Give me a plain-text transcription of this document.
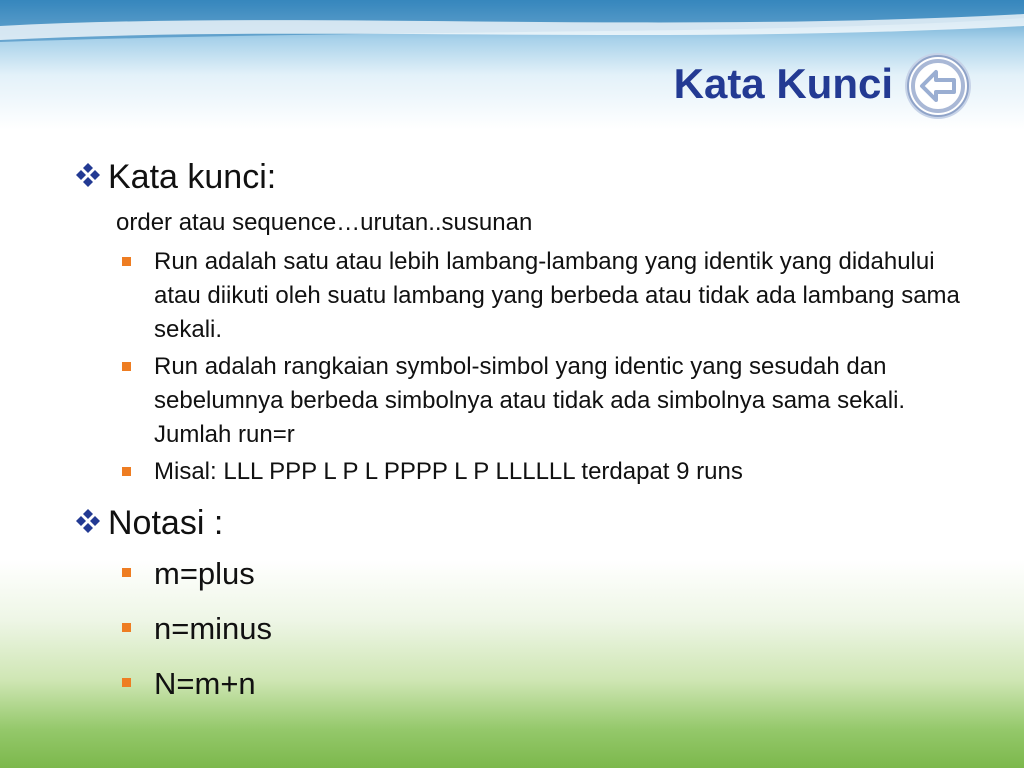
Kata Kunci
Kata kunci:
order atau sequence…urutan..susunan
Run adalah satu atau lebih lambang-lambang yang identik yang didahului atau diikuti oleh suatu lambang yang berbeda atau tidak ada lambang sama sekali.
Run adalah rangkaian symbol-simbol yang identic yang sesudah dan sebelumnya berbeda simbolnya atau tidak ada simbolnya sama sekali. Jumlah run=r
Misal: LLL PPP L P L PPPP L P LLLLLL terdapat 9 runs
Notasi :
m=plus
n=minus
N=m+n
